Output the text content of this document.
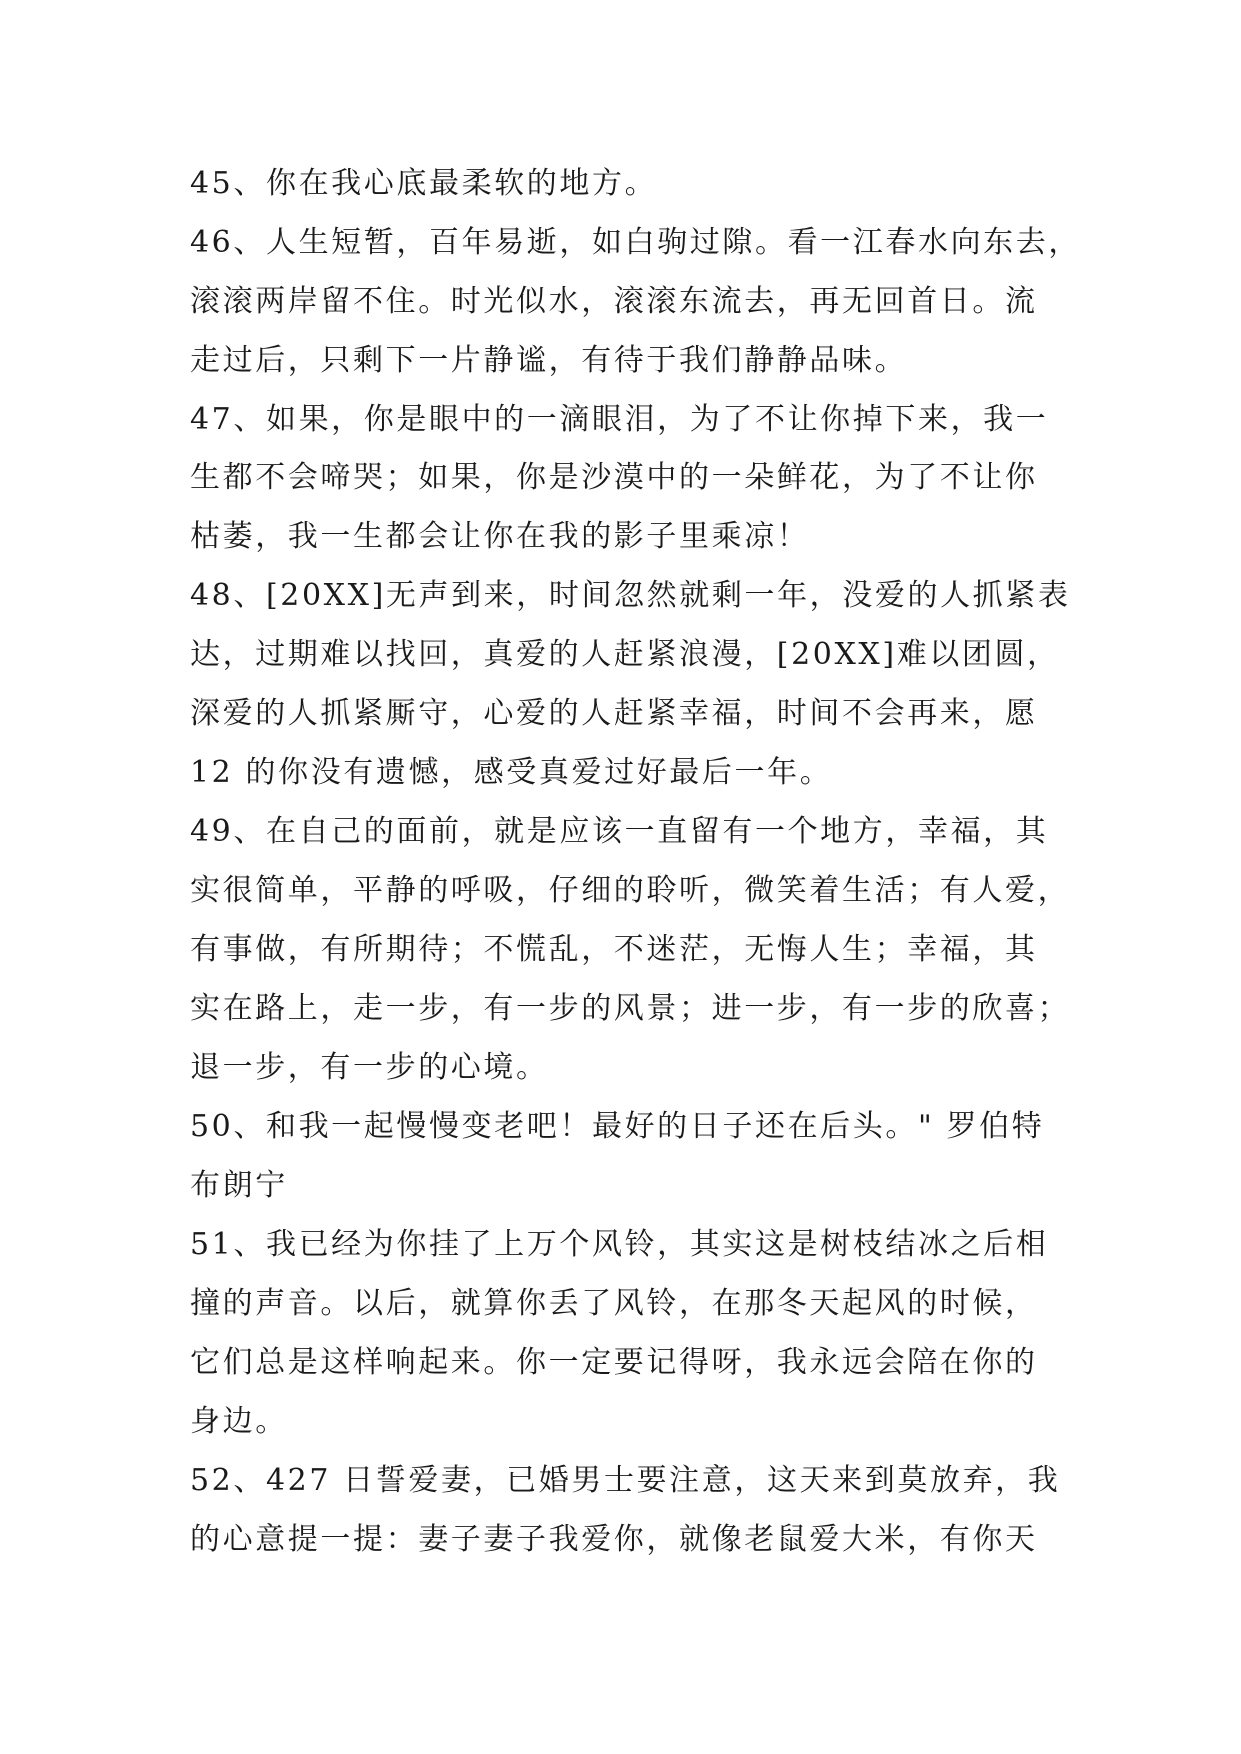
45、你在我心底最柔软的地方。

46、人生短暂，百年易逝，如白驹过隙。看一江春水向东去，

滚滚两岸留不住。时光似水，滚滚东流去，再无回首日。流

走过后，只剩下一片静谧，有待于我们静静品味。

47、如果，你是眼中的一滴眼泪，为了不让你掉下来，我一

生都不会啼哭；如果，你是沙漠中的一朵鲜花，为了不让你

枯萎，我一生都会让你在我的影子里乘凉！

48、[20XX]无声到来，时间忽然就剩一年，没爱的人抓紧表

达，过期难以找回，真爱的人赶紧浪漫，[20XX]难以团圆，

深爱的人抓紧厮守，心爱的人赶紧幸福，时间不会再来，愿

12 的你没有遗憾，感受真爱过好最后一年。

49、在自己的面前，就是应该一直留有一个地方，幸福，其

实很简单，平静的呼吸，仔细的聆听，微笑着生活；有人爱，

有事做，有所期待；不慌乱，不迷茫，无悔人生；幸福，其

实在路上，走一步，有一步的风景；进一步，有一步的欣喜；

退一步，有一步的心境。

50、和我一起慢慢变老吧！最好的日子还在后头。" 罗伯特

布朗宁

51、我已经为你挂了上万个风铃，其实这是树枝结冰之后相

撞的声音。以后，就算你丢了风铃，在那冬天起风的时候，

它们总是这样响起来。你一定要记得呀，我永远会陪在你的

身边。

52、427 日誓爱妻，已婚男士要注意，这天来到莫放弃，我

的心意提一提：妻子妻子我爱你，就像老鼠爱大米，有你天
